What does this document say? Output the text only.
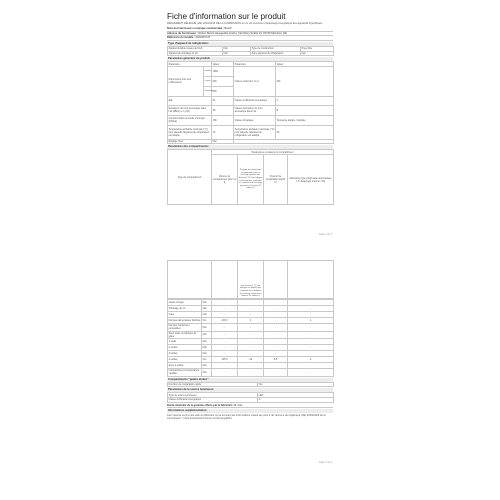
Fiche d'information sur le produit
RÈGLEMENT DÉLÉGUÉ (UE) 2019/2016 DE LA COMMISSION en ce qui concerne l'étiquetage énergétique des appareils frigorifiques
Nom du fournisseur ou marque commerciale : Bosch
Adresse du fournisseur : Robert Bosch Hausgeräte GmbH, Carl-Wery-Straße 34, 81739 München, DE
Référence du modèle : KGN36VL3T
Type d'appareil de réfrigération:
Appareil à faible niveau de bruit:	Non	Type de construction:	Pose libre
Appareil de stockage du vin:	Non	Autre appareil de réfrigération:	Non
Paramètres généraux du produit:
Paramètre		Valeur	Paramètre	Valeur
Dimensions hors tout (millimètres)	Hauteur	1860	Volume total (dm³ ou l)	321
	Largeur	600		
	Profondeur	660		
IEE		81	Classe d'efficacité énergétique	C
Émissions de bruit acoustique dans l'air (dB(A) re 1 pW)		38	Classe d'émission de bruit acoustique dans l'air	B
Consommation annuelle d'énergie (kWh/a)		186	Classe climatique:	Tempérée élargie, tropicale
Température ambiante minimale (°C) pour laquelle l'appareil de réfrigération est adapté		10	Température ambiante maximale (°C) pour laquelle l'appareil de réfrigération est adapté	43
Réglage hiver		Non		
Paramètres des compartiments:
Type de compartiment	Paramètres et valeurs du compartiment			
	Volume du compartiment (dm³ ou l)	Réglage de température recommandé pour un stockage optimisé des denrées (°C) Ces réglages ne doivent pas contredire les conditions de stockage énoncées à l'annexe IV, tableau 3	Pouvoir de congélation (kg/24 h)	Défrosting type (dégivrage automatique = A, dégivrage manuel = M)
Page 1 de 2
		des denrées (°C) Ces réglages ne doivent pas contredire les conditions de stockage énoncées à l'annexe IV, tableau 3		
Garde-manger	Non	-	-	-	-
Stockage du vin	Non	-	-	-	-
Cave	Non	-	-	-	-
Denrées alimentaires fraîches	Oui	216,0	4	-	A
Denrées hautement périssables	Non	-	-	-	-
Sans étoile ou fabrique de glace	Non	-	-	-	-
1 étoile	Non	-	-	-	-
2 étoiles	Non	-	-	-	-
3 étoiles	Non	-	-	-	-
4 étoiles	Oui	105,0	-18	8,5	A
Zone 2 étoiles	Non	-	-	-	-
Compartiment à température variable	Non	-	-	-	-
Compartiments "quatre étoiles"
Fonction de congélation rapide	Oui
Paramètres de la source lumineuse:
Type de source lumineuse	LED
Classe d'efficacité énergétique	G
Durée minimale de la garantie offerte par le fabricant: 24 mois
Informations supplémentaires:
Lien internet vers le site web du fabricant où se trouvent les informations visées au point 4 de l'annexe du règlement (UE) 2019/2023 de la Commission : https://www.bosch-home.com/energylabel
Page 2 de 2
